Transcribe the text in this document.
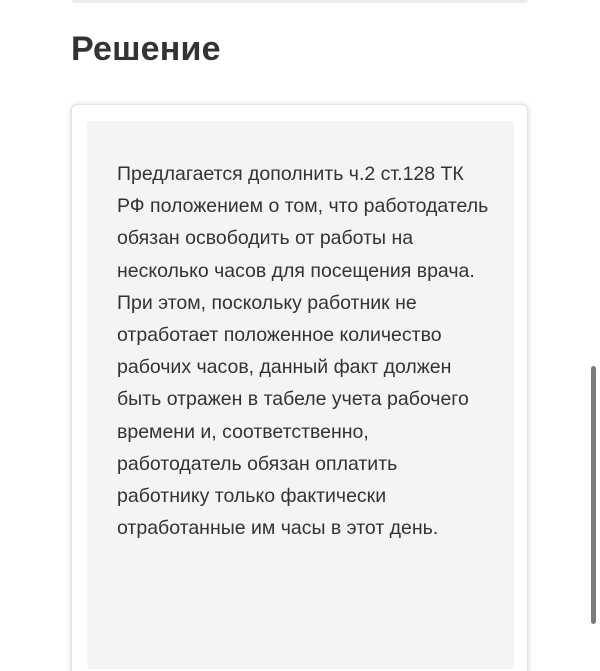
Решение

Предлагается дополнить ч.2 ст.128 ТК РФ положением о том, что работодатель обязан освободить от работы на несколько часов для посещения врача. При этом, поскольку работник не отработает положенное количество рабочих часов, данный факт должен быть отражен в табеле учета рабочего времени и, соответственно, работодатель обязан оплатить работнику только фактически отработанные им часы в этот день.
